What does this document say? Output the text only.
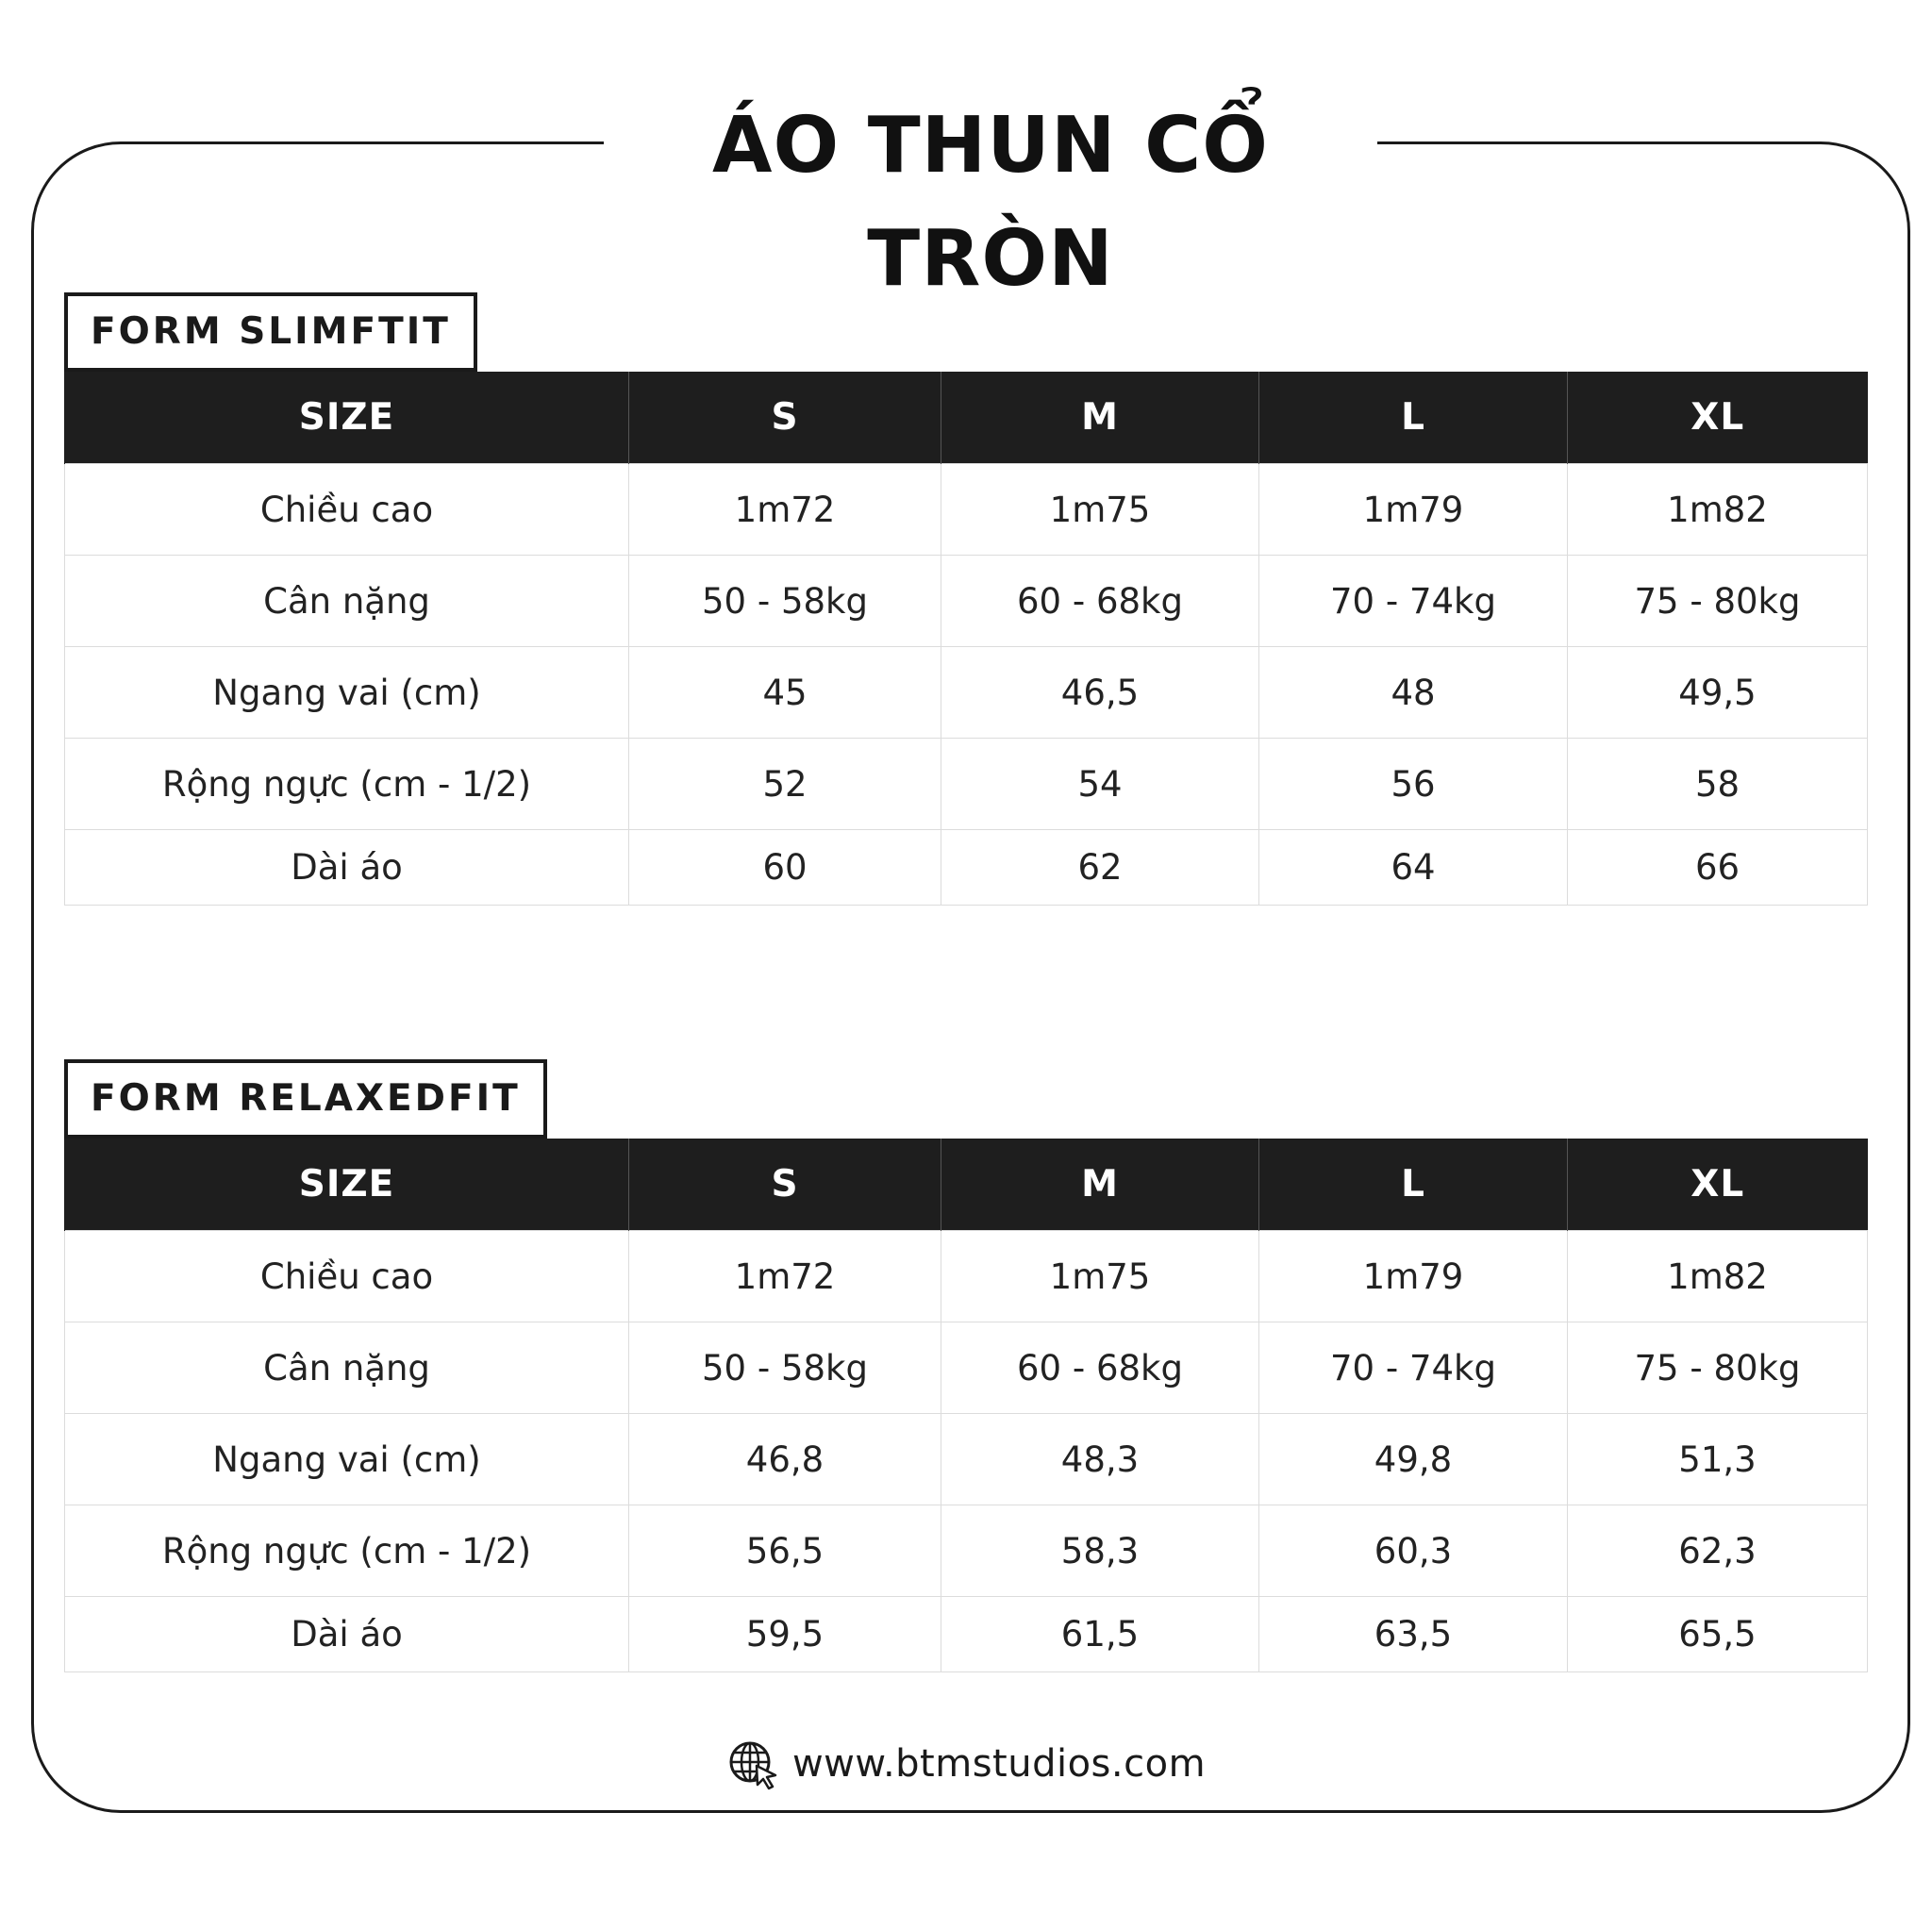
ÁO THUN CỔ TRÒN
FORM SLIMFTIT
SIZE	S	M	L	XL
Chiều cao	1m72	1m75	1m79	1m82
Cân nặng	50 - 58kg	60 - 68kg	70 - 74kg	75 - 80kg
Ngang vai (cm)	45	46,5	48	49,5
Rộng ngực (cm - 1/2)	52	54	56	58
Dài áo	60	62	64	66
FORM RELAXEDFIT
SIZE	S	M	L	XL
Chiều cao	1m72	1m75	1m79	1m82
Cân nặng	50 - 58kg	60 - 68kg	70 - 74kg	75 - 80kg
Ngang vai (cm)	46,8	48,3	49,8	51,3
Rộng ngực (cm - 1/2)	56,5	58,3	60,3	62,3
Dài áo	59,5	61,5	63,5	65,5
www.btmstudios.com
